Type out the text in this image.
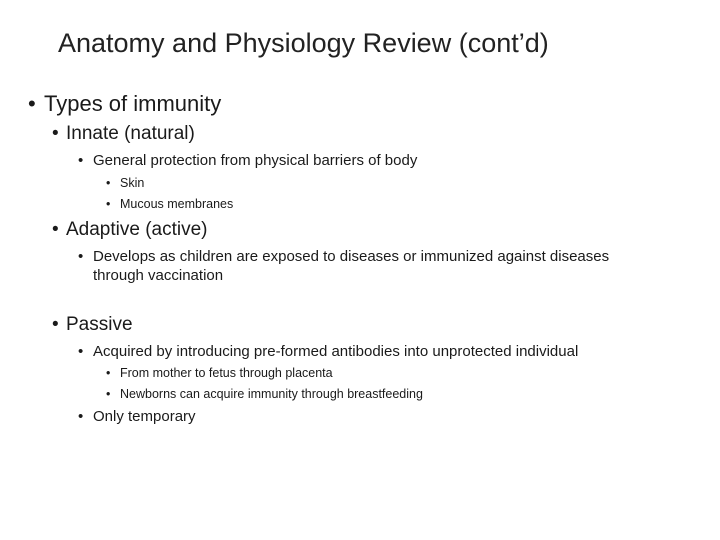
Anatomy and Physiology Review (cont’d)
• Types of immunity
• Innate (natural)
• General protection from physical barriers of body
• Skin
• Mucous membranes
• Adaptive (active)
• Develops as children are exposed to diseases or immunized against diseases
through vaccination
• Passive
• Acquired by introducing pre-formed antibodies into unprotected individual
• From mother to fetus through placenta
• Newborns can acquire immunity through breastfeeding
• Only temporary
